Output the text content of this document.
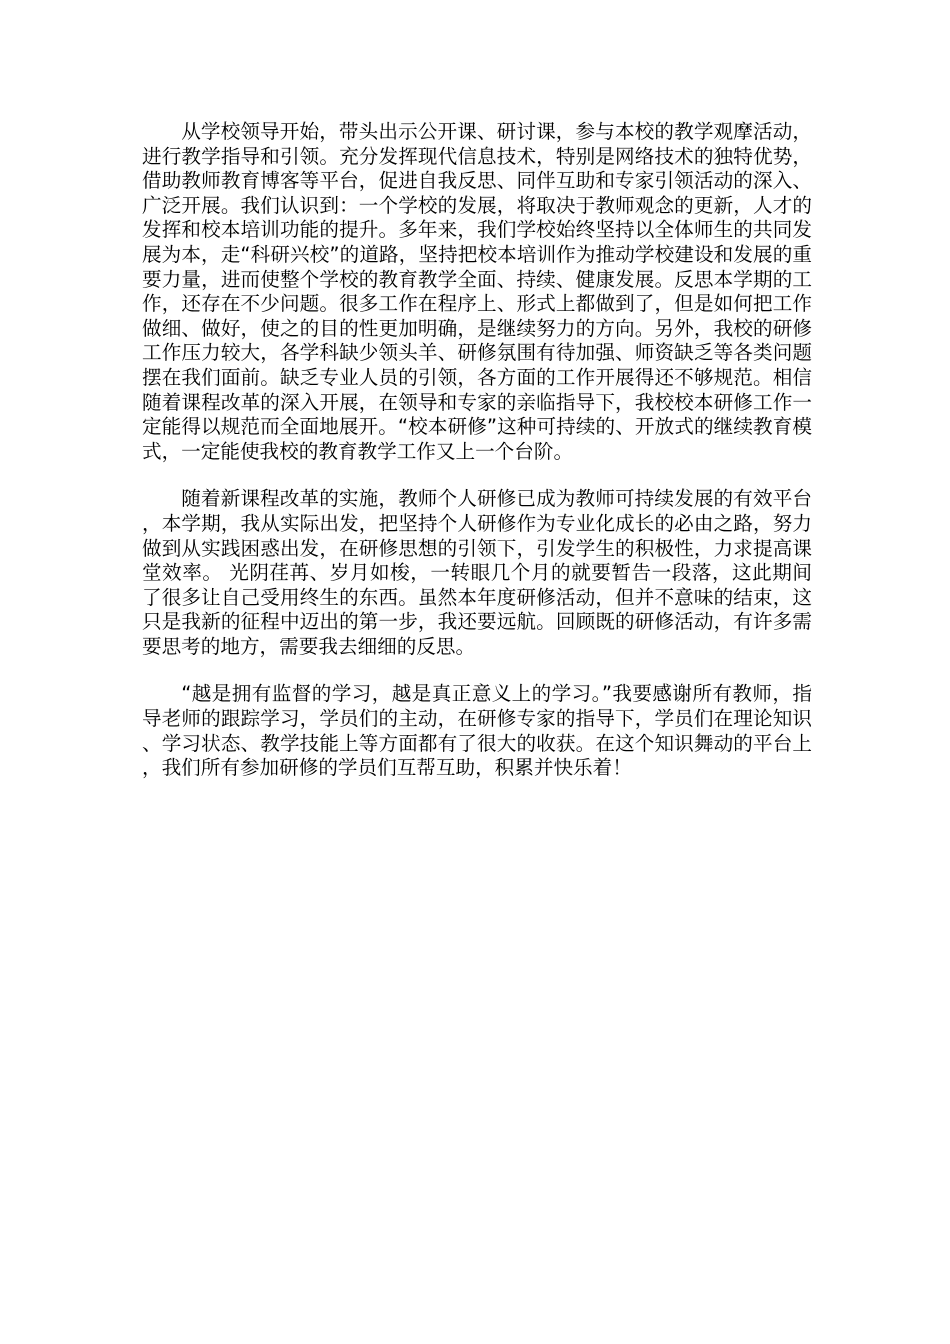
从学校领导开始，带头出示公开课、研讨课，参与本校的教学观摩活动，进行教学指导和引领。充分发挥现代信息技术，特别是网络技术的独特优势，借助教师教育博客等平台，促进自我反思、同伴互助和专家引领活动的深入、广泛开展。我们认识到：一个学校的发展，将取决于教师观念的更新，人才的发挥和校本培训功能的提升。多年来，我们学校始终坚持以全体师生的共同发展为本，走“科研兴校”的道路，坚持把校本培训作为推动学校建设和发展的重要力量，进而使整个学校的教育教学全面、持续、健康发展。反思本学期的工作，还存在不少问题。很多工作在程序上、形式上都做到了，但是如何把工作做细、做好，使之的目的性更加明确，是继续努力的方向。另外，我校的研修工作压力较大，各学科缺少领头羊、研修氛围有待加强、师资缺乏等各类问题摆在我们面前。缺乏专业人员的引领，各方面的工作开展得还不够规范。相信随着课程改革的深入开展，在领导和专家的亲临指导下，我校校本研修工作一定能得以规范而全面地展开。“校本研修”这种可持续的、开放式的继续教育模式，一定能使我校的教育教学工作又上一个台阶。

随着新课程改革的实施，教师个人研修已成为教师可持续发展的有效平台，本学期，我从实际出发，把坚持个人研修作为专业化成长的必由之路，努力做到从实践困惑出发，在研修思想的引领下，引发学生的积极性，力求提高课堂效率。 光阴荏苒、岁月如梭，一转眼几个月的就要暂告一段落，这此期间了很多让自己受用终生的东西。虽然本年度研修活动，但并不意味的结束，这只是我新的征程中迈出的第一步，我还要远航。回顾既的研修活动，有许多需要思考的地方，需要我去细细的反思。

“越是拥有监督的学习，越是真正意义上的学习。”我要感谢所有教师，指导老师的跟踪学习，学员们的主动，在研修专家的指导下，学员们在理论知识、学习状态、教学技能上等方面都有了很大的收获。在这个知识舞动的平台上，我们所有参加研修的学员们互帮互助，积累并快乐着！
